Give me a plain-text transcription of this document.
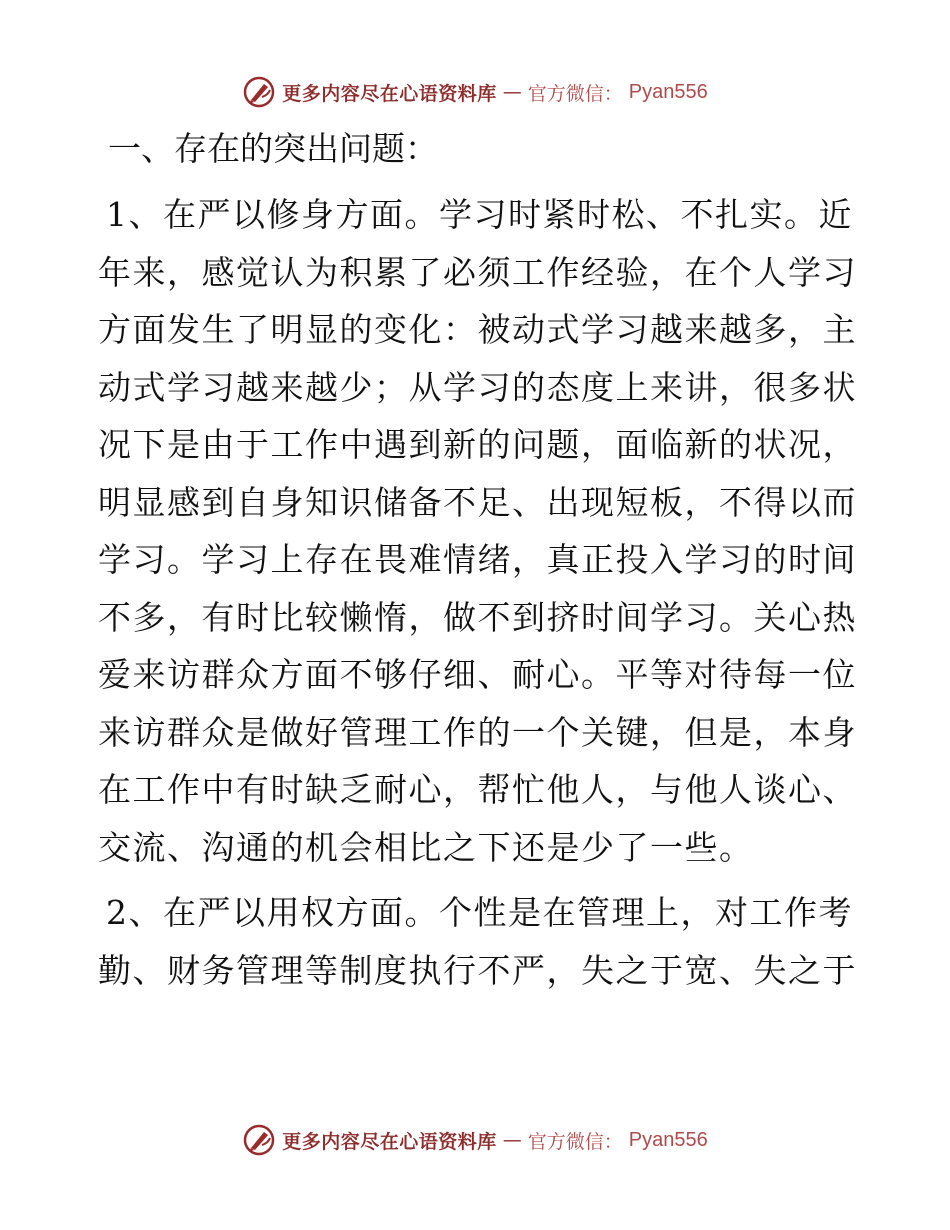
更多内容尽在心语资料库 — 官方微信： Pyan556
一、存在的突出问题：
1、在严以修身方面。学习时紧时松、不扎实。近
年来，感觉认为积累了必须工作经验，在个人学习
方面发生了明显的变化：被动式学习越来越多，主
动式学习越来越少；从学习的态度上来讲，很多状
况下是由于工作中遇到新的问题，面临新的状况，
明显感到自身知识储备不足、出现短板，不得以而
学习。学习上存在畏难情绪，真正投入学习的时间
不多，有时比较懒惰，做不到挤时间学习。关心热
爱来访群众方面不够仔细、耐心。平等对待每一位
来访群众是做好管理工作的一个关键，但是，本身
在工作中有时缺乏耐心，帮忙他人，与他人谈心、
交流、沟通的机会相比之下还是少了一些。
2、在严以用权方面。个性是在管理上，对工作考
勤、财务管理等制度执行不严，失之于宽、失之于
更多内容尽在心语资料库 — 官方微信： Pyan556
